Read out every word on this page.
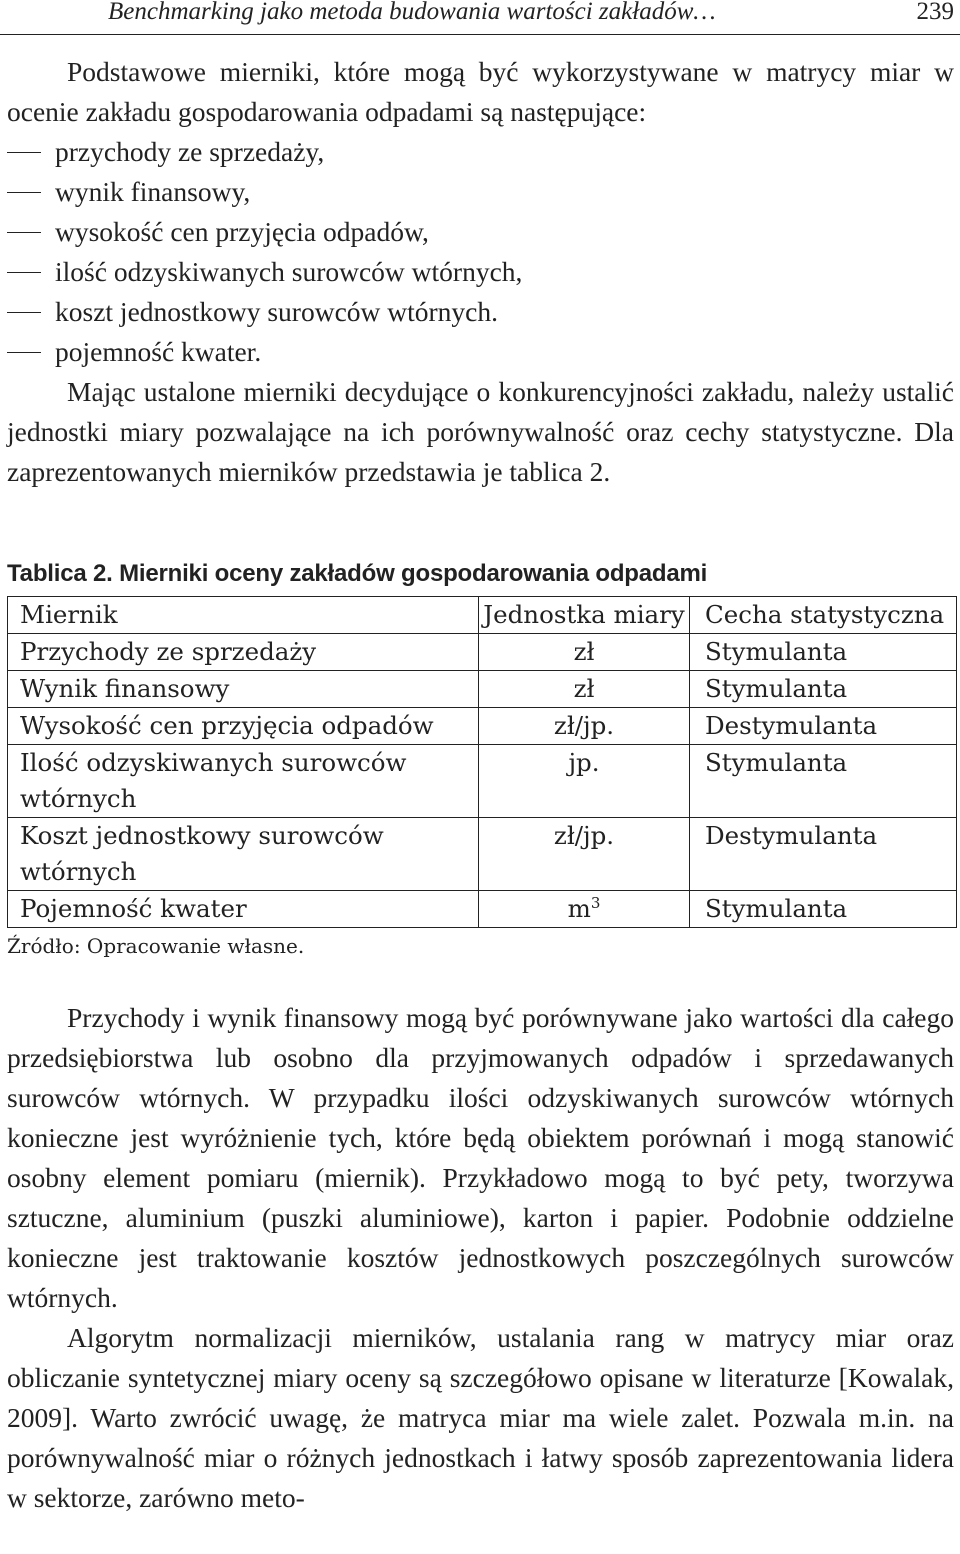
Benchmarking jako metoda budowania wartości zakładów…	239

Podstawowe mierniki, które mogą być wykorzystywane w matrycy miar w ocenie zakładu gospodarowania odpadami są następujące:

przychody ze sprzedaży,
wynik finansowy,
wysokość cen przyjęcia odpadów,
ilość odzyskiwanych surowców wtórnych,
koszt jednostkowy surowców wtórnych.
pojemność kwater.

Mając ustalone mierniki decydujące o konkurencyjności zakładu, należy ustalić jednostki miary pozwalające na ich porównywalność oraz cechy statystyczne. Dla zaprezentowanych mierników przedstawia je tablica 2.

Tablica 2. Mierniki oceny zakładów gospodarowania odpadami
Miernik	Jednostka miary	Cecha statystyczna
Przychody ze sprzedaży	zł	Stymulanta
Wynik finansowy	zł	Stymulanta
Wysokość cen przyjęcia odpadów	zł/jp.	Destymulanta
Ilość odzyskiwanych surowców wtórnych	jp.	Stymulanta
Koszt jednostkowy surowców wtórnych	zł/jp.	Destymulanta
Pojemność kwater	$m^3$	Stymulanta
Źródło: Opracowanie własne.

Przychody i wynik finansowy mogą być porównywane jako wartości dla całego przedsiębiorstwa lub osobno dla przyjmowanych odpadów i sprzedawanych surowców wtórnych. W przypadku ilości odzyskiwanych surowców wtórnych konieczne jest wyróżnienie tych, które będą obiektem porównań i mogą stanowić osobny element pomiaru (miernik). Przykładowo mogą to być pety, tworzywa sztuczne, aluminium (puszki aluminiowe), karton i papier. Podobnie oddzielne konieczne jest traktowanie kosztów jednostkowych poszczególnych surowców wtórnych.

Algorytm normalizacji mierników, ustalania rang w matrycy miar oraz obliczanie syntetycznej miary oceny są szczegółowo opisane w literaturze [Kowalak, 2009]. Warto zwrócić uwagę, że matryca miar ma wiele zalet. Pozwala m.in. na porównywalność miar o różnych jednostkach i łatwy sposób zaprezentowania lidera w sektorze, zarówno meto-
